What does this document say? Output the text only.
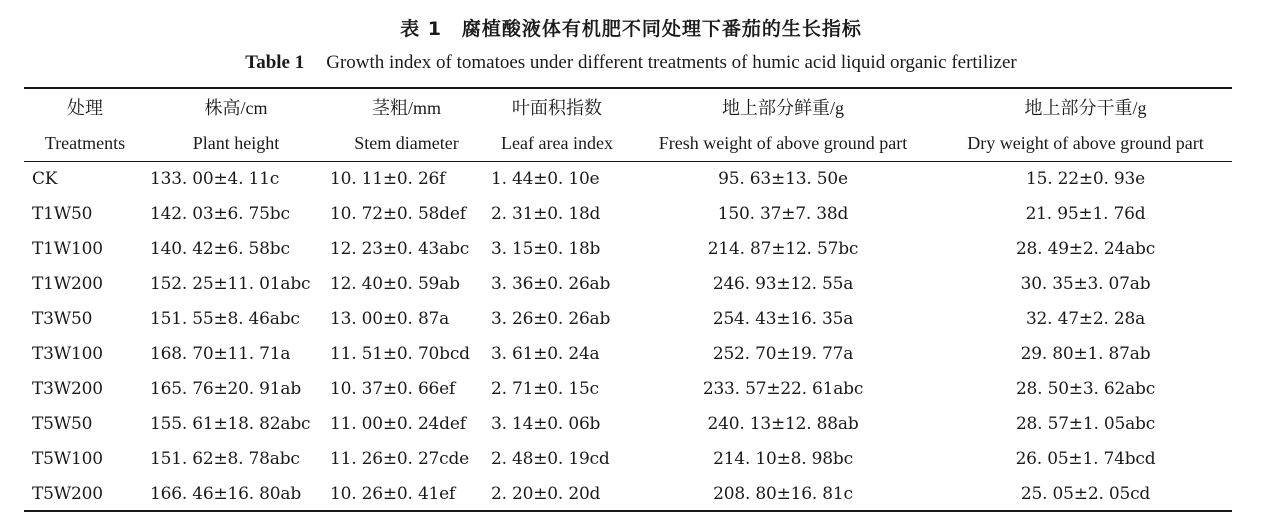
表 1　腐植酸液体有机肥不同处理下番茄的生长指标
Table 1 Growth index of tomatoes under different treatments of humic acid liquid organic fertilizer
处理	株高/cm	茎粗/mm	叶面积指数	地上部分鲜重/g	地上部分干重/g
Treatments	Plant height	Stem diameter	Leaf area index	Fresh weight of above ground part	Dry weight of above ground part
CK	133. 00±4. 11c	10. 11±0. 26f	1. 44±0. 10e	95. 63±13. 50e	15. 22±0. 93e
T1W50	142. 03±6. 75bc	10. 72±0. 58def	2. 31±0. 18d	150. 37±7. 38d	21. 95±1. 76d
T1W100	140. 42±6. 58bc	12. 23±0. 43abc	3. 15±0. 18b	214. 87±12. 57bc	28. 49±2. 24abc
T1W200	152. 25±11. 01abc	12. 40±0. 59ab	3. 36±0. 26ab	246. 93±12. 55a	30. 35±3. 07ab
T3W50	151. 55±8. 46abc	13. 00±0. 87a	3. 26±0. 26ab	254. 43±16. 35a	32. 47±2. 28a
T3W100	168. 70±11. 71a	11. 51±0. 70bcd	3. 61±0. 24a	252. 70±19. 77a	29. 80±1. 87ab
T3W200	165. 76±20. 91ab	10. 37±0. 66ef	2. 71±0. 15c	233. 57±22. 61abc	28. 50±3. 62abc
T5W50	155. 61±18. 82abc	11. 00±0. 24def	3. 14±0. 06b	240. 13±12. 88ab	28. 57±1. 05abc
T5W100	151. 62±8. 78abc	11. 26±0. 27cde	2. 48±0. 19cd	214. 10±8. 98bc	26. 05±1. 74bcd
T5W200	166. 46±16. 80ab	10. 26±0. 41ef	2. 20±0. 20d	208. 80±16. 81c	25. 05±2. 05cd
